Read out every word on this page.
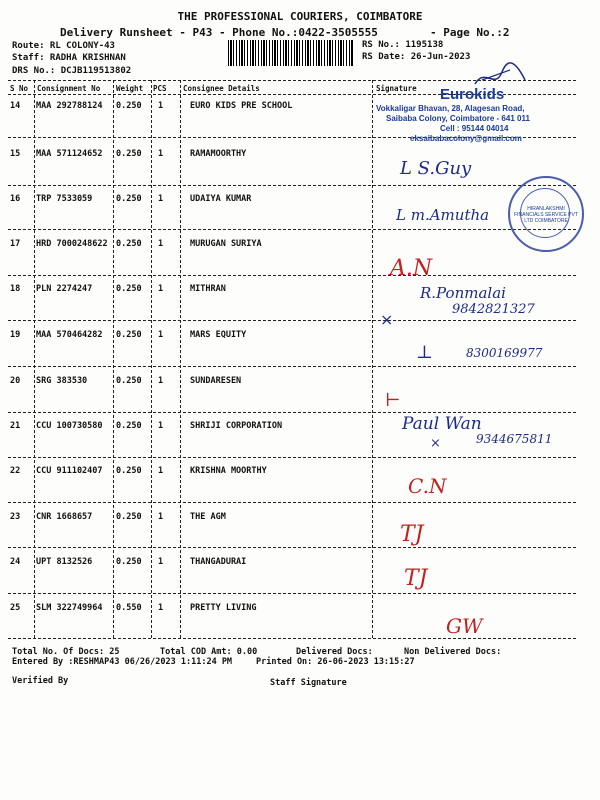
THE PROFESSIONAL COURIERS, COIMBATORE
Delivery Runsheet - P43 - Phone No.:0422-3505555	- Page No.:2
Route: RL COLONY-43
Staff: RADHA KRISHNAN
DRS No.: DCJB119513802
RS No.: 1195138
RS Date: 26-Jun-2023
S No Consignment No Weight PCS Consignee Details	Signature
14 MAA 292788124 0.250 1	EURO KIDS PRE SCHOOL
15 MAA 571124652 0.250 1	RAMAMOORTHY
16 TRP 7533059	0.250 1	UDAIYA KUMAR
17 HRD 7000248622 0.250 1	MURUGAN SURIYA
18 PLN 2274247	0.250 1	MITHRAN
19 MAA 570464282 0.250 1	MARS EQUITY
20 SRG 383530	0.250 1	SUNDARESEN
21 CCU 100730580 0.250 1	SHRIJI CORPORATION
22 CCU 911102407 0.250 1	KRISHNA MOORTHY
23 CNR 1668657	0.250 1	THE AGM
24 UPT 8132526	0.250 1	THANGADURAI
25 SLM 322749964 0.550 1	PRETTY LIVING
Eurokids
Vokkaligar Bhavan, 28, Alagesan Road,
Saibaba Colony, Coimbatore - 641 011
Cell : 95144 04014
eksaibabacolony@gmail.com
HIRANLAKSHMI FINANCIALS SERVICE PVT LTD COIMBATORE
L S.Guy
L m.Amutha
A.N
R.Ponmalai
9842821327
×
⊥	8300169977
⊢
Paul Wan
9344675811
×
C.N
TJ
TJ
GW
Total No. Of Docs: 25	Total COD Amt: 0.00	Delivered Docs:	Non Delivered Docs:
Entered By :RESHMAP43 06/26/2023 1:11:24 PM	Printed On: 26-06-2023 13:15:27
Verified By	Staff Signature
